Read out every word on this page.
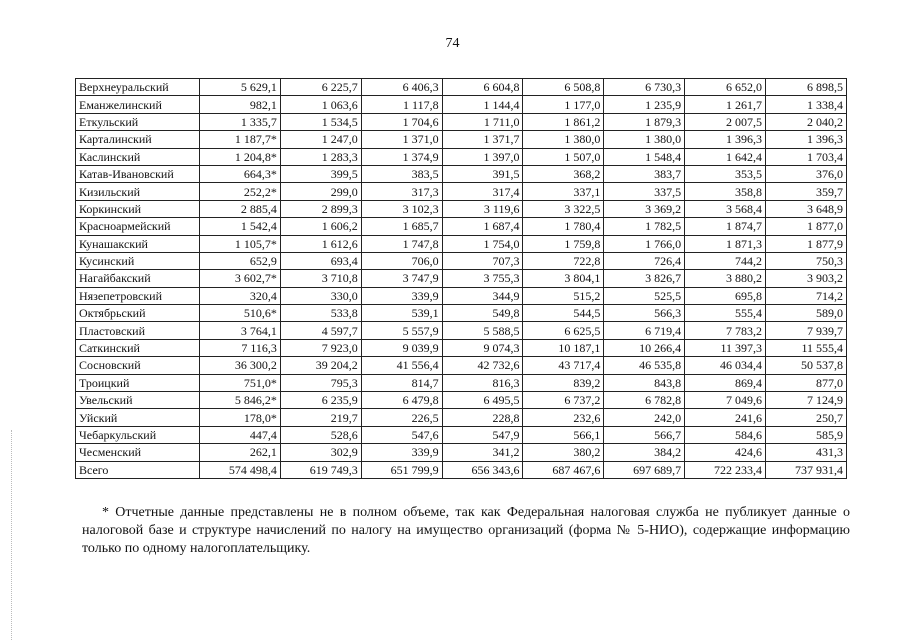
74
Верхнеуральский	5 629,1	6 225,7	6 406,3	6 604,8	6 508,8	6 730,3	6 652,0	6 898,5
Еманжелинский	982,1	1 063,6	1 117,8	1 144,4	1 177,0	1 235,9	1 261,7	1 338,4
Еткульский	1 335,7	1 534,5	1 704,6	1 711,0	1 861,2	1 879,3	2 007,5	2 040,2
Карталинский	1 187,7*	1 247,0	1 371,0	1 371,7	1 380,0	1 380,0	1 396,3	1 396,3
Каслинский	1 204,8*	1 283,3	1 374,9	1 397,0	1 507,0	1 548,4	1 642,4	1 703,4
Катав-Ивановский	664,3*	399,5	383,5	391,5	368,2	383,7	353,5	376,0
Кизильский	252,2*	299,0	317,3	317,4	337,1	337,5	358,8	359,7
Коркинский	2 885,4	2 899,3	3 102,3	3 119,6	3 322,5	3 369,2	3 568,4	3 648,9
Красноармейский	1 542,4	1 606,2	1 685,7	1 687,4	1 780,4	1 782,5	1 874,7	1 877,0
Кунашакский	1 105,7*	1 612,6	1 747,8	1 754,0	1 759,8	1 766,0	1 871,3	1 877,9
Кусинский	652,9	693,4	706,0	707,3	722,8	726,4	744,2	750,3
Нагайбакский	3 602,7*	3 710,8	3 747,9	3 755,3	3 804,1	3 826,7	3 880,2	3 903,2
Нязепетровский	320,4	330,0	339,9	344,9	515,2	525,5	695,8	714,2
Октябрьский	510,6*	533,8	539,1	549,8	544,5	566,3	555,4	589,0
Пластовский	3 764,1	4 597,7	5 557,9	5 588,5	6 625,5	6 719,4	7 783,2	7 939,7
Саткинский	7 116,3	7 923,0	9 039,9	9 074,3	10 187,1	10 266,4	11 397,3	11 555,4
Сосновский	36 300,2	39 204,2	41 556,4	42 732,6	43 717,4	46 535,8	46 034,4	50 537,8
Троицкий	751,0*	795,3	814,7	816,3	839,2	843,8	869,4	877,0
Увельский	5 846,2*	6 235,9	6 479,8	6 495,5	6 737,2	6 782,8	7 049,6	7 124,9
Уйский	178,0*	219,7	226,5	228,8	232,6	242,0	241,6	250,7
Чебаркульский	447,4	528,6	547,6	547,9	566,1	566,7	584,6	585,9
Чесменский	262,1	302,9	339,9	341,2	380,2	384,2	424,6	431,3
Всего	574 498,4	619 749,3	651 799,9	656 343,6	687 467,6	697 689,7	722 233,4	737 931,4

* Отчетные данные представлены не в полном объеме, так как Федеральная налоговая служба не публикует данные о налоговой базе и структуре начислений по налогу на имущество организаций (форма № 5-НИО), содержащие информацию только по одному налогоплательщику.
